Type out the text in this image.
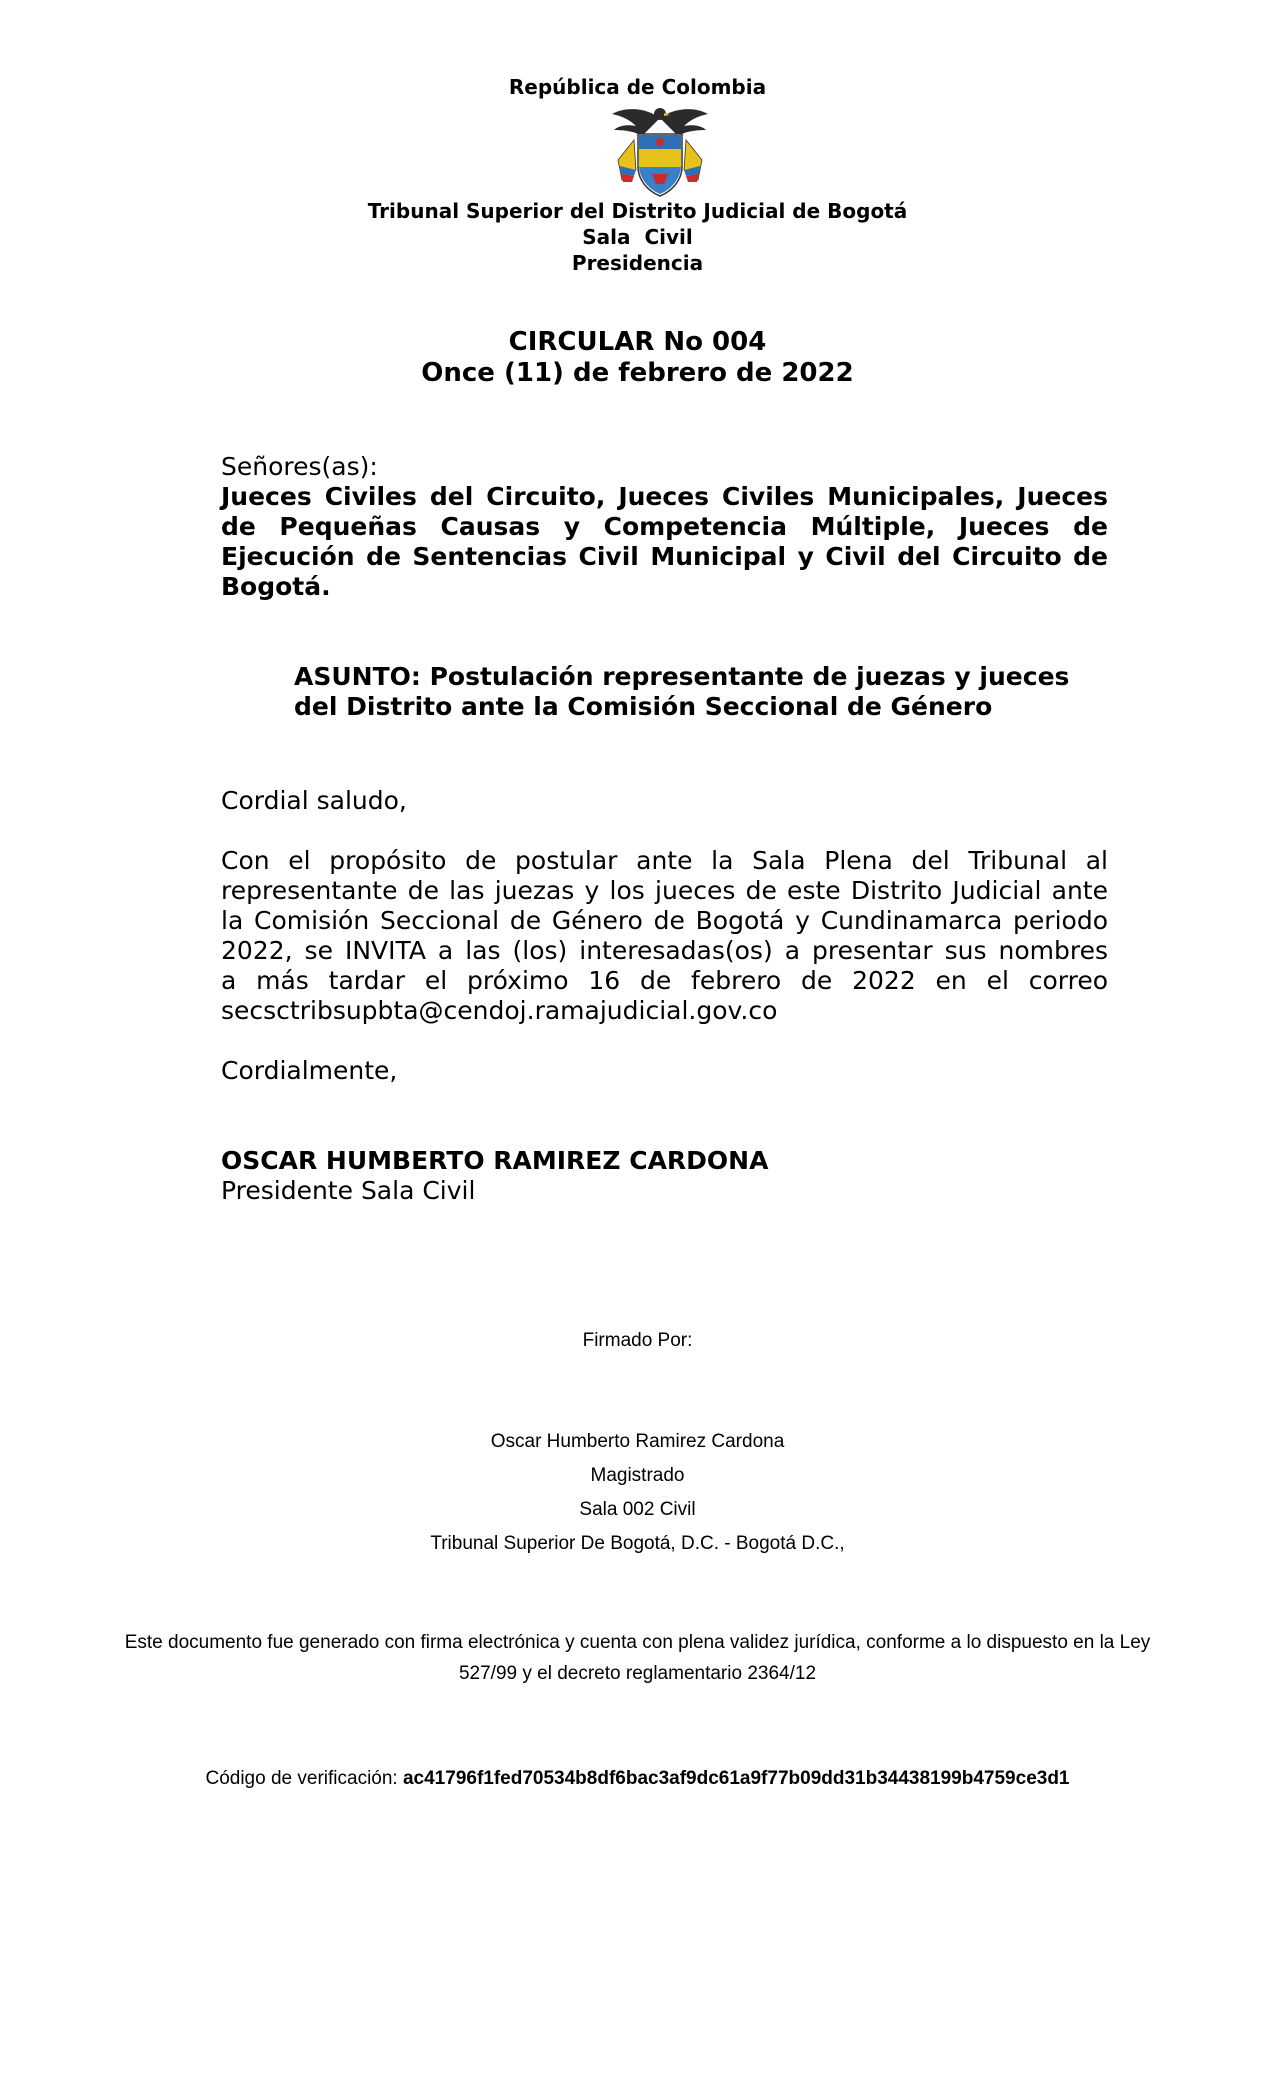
República de Colombia
Tribunal Superior del Distrito Judicial de Bogotá
Sala  Civil
Presidencia
CIRCULAR No 004
Once (11) de febrero de 2022
Señores(as):
Jueces Civiles del Circuito, Jueces Civiles Municipales, Jueces
de Pequeñas Causas y Competencia Múltiple, Jueces de
Ejecución de Sentencias Civil Municipal y Civil del Circuito de
Bogotá.
ASUNTO: Postulación representante de juezas y jueces
del Distrito ante la Comisión Seccional de Género
Cordial saludo,
Con el propósito de postular ante la Sala Plena del Tribunal al
representante de las juezas y los jueces de este Distrito Judicial ante
la Comisión Seccional de Género de Bogotá y Cundinamarca periodo
2022, se INVITA a las (los) interesadas(os) a presentar sus nombres
a más tardar el próximo 16 de febrero de 2022 en el correo
secsctribsupbta@cendoj.ramajudicial.gov.co
Cordialmente,
OSCAR HUMBERTO RAMIREZ CARDONA
Presidente Sala Civil
Firmado Por:
Oscar Humberto Ramirez Cardona
Magistrado
Sala 002 Civil
Tribunal Superior De Bogotá, D.C. - Bogotá D.C.,
Este documento fue generado con firma electrónica y cuenta con plena validez jurídica, conforme a lo dispuesto en la Ley
527/99 y el decreto reglamentario 2364/12
Código de verificación: ac41796f1fed70534b8df6bac3af9dc61a9f77b09dd31b34438199b4759ce3d1
